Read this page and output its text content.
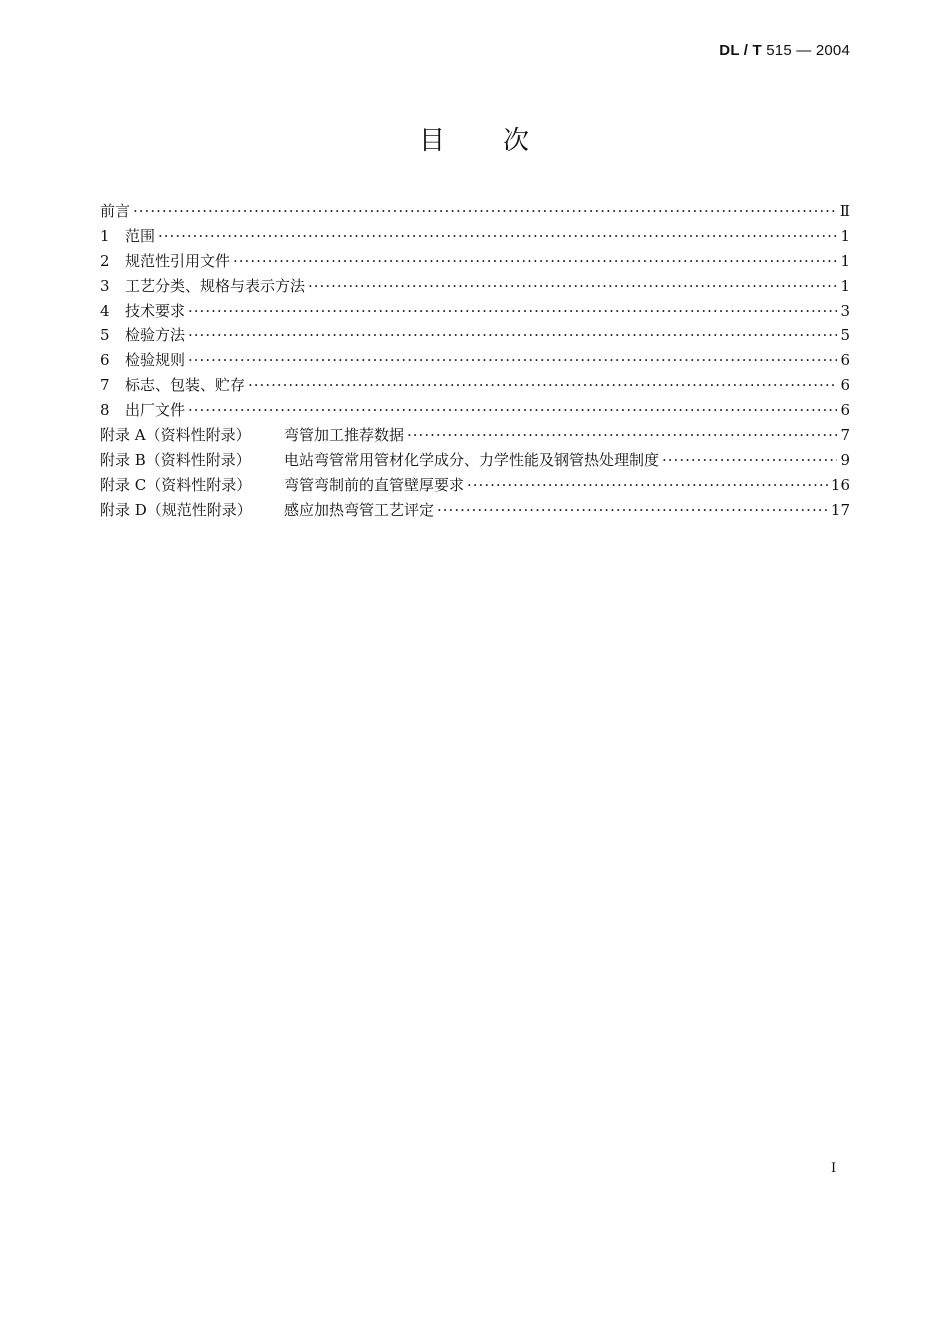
DL / T 515 — 2004
目　　次
前言 ·····	Ⅱ
1	范围 ·····	1
2	规范性引用文件 ·····	1
3	工艺分类、规格与表示方法 ·····	1
4	技术要求 ·····	3
5	检验方法 ·····	5
6	检验规则 ·····	6
7	标志、包装、贮存 ·····	6
8	出厂文件 ·····	6
附录 A（资料性附录）	弯管加工推荐数据 ·····	7
附录 B（资料性附录）	电站弯管常用管材化学成分、力学性能及钢管热处理制度 ·····	9
附录 C（资料性附录）	弯管弯制前的直管壁厚要求 ·····	16
附录 D（规范性附录）	感应加热弯管工艺评定 ·····	17
I
